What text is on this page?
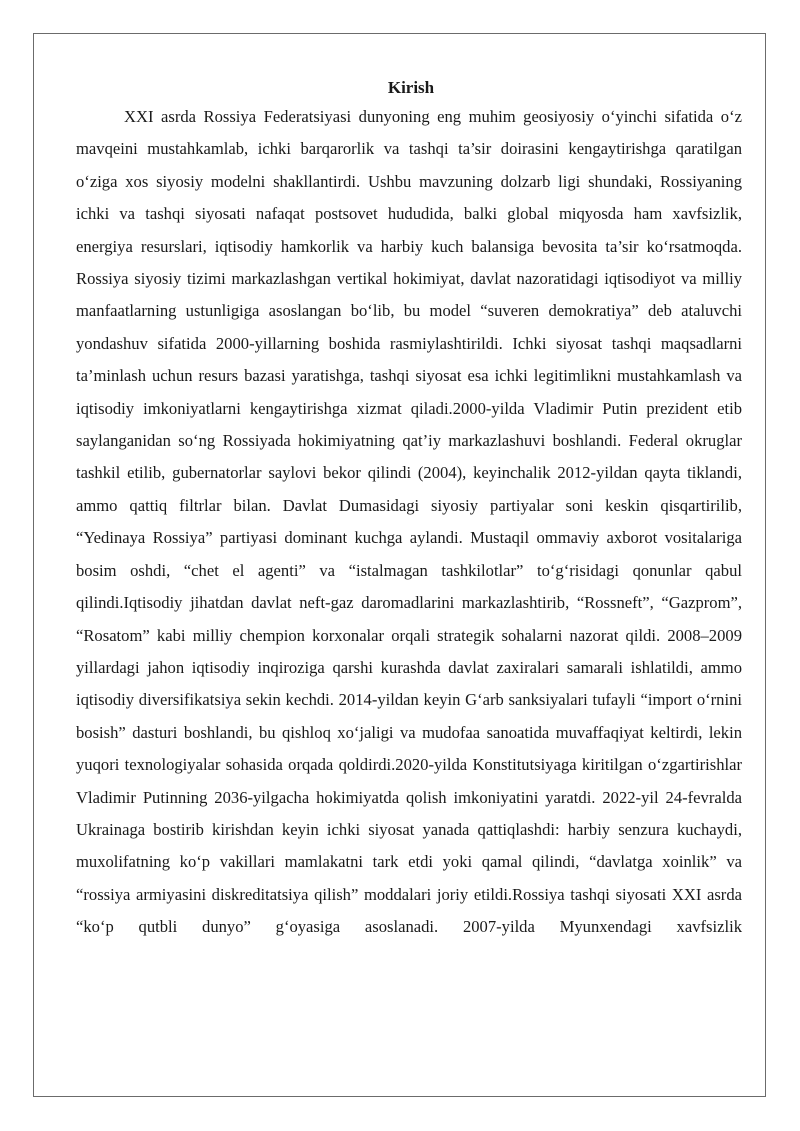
Kirish

XXI asrda Rossiya Federatsiyasi dunyoning eng muhim geosiyosiy o‘yinchi sifatida o‘z mavqeini mustahkamlab, ichki barqarorlik va tashqi ta’sir doirasini kengaytirishga qaratilgan o‘ziga xos siyosiy modelni shakllantirdi. Ushbu mavzuning dolzarb ligi shundaki, Rossiyaning ichki va tashqi siyosati nafaqat postsovet hududida, balki global miqyosda ham xavfsizlik, energiya resurslari, iqtisodiy hamkorlik va harbiy kuch balansiga bevosita ta’sir ko‘rsatmoqda. Rossiya siyosiy tizimi markazlashgan vertikal hokimiyat, davlat nazoratidagi iqtisodiyot va milliy manfaatlarning ustunligiga asoslangan bo‘lib, bu model “suveren demokratiya” deb ataluvchi yondashuv sifatida 2000-yillarning boshida rasmiylashtirildi. Ichki siyosat tashqi maqsadlarni ta’minlash uchun resurs bazasi yaratishga, tashqi siyosat esa ichki legitimlikni mustahkamlash va iqtisodiy imkoniyatlarni kengaytirishga xizmat qiladi.2000-yilda Vladimir Putin prezident etib saylanganidan so‘ng Rossiyada hokimiyatning qat’iy markazlashuvi boshlandi. Federal okruglar tashkil etilib, gubernatorlar saylovi bekor qilindi (2004), keyinchalik 2012-yildan qayta tiklandi, ammo qattiq filtrlar bilan. Davlat Dumasidagi siyosiy partiyalar soni keskin qisqartirilib, “Yedinaya Rossiya” partiyasi dominant kuchga aylandi. Mustaqil ommaviy axborot vositalariga bosim oshdi, “chet el agenti” va “istalmagan tashkilotlar” to‘g‘risidagi qonunlar qabul qilindi.Iqtisodiy jihatdan davlat neft-gaz daromadlarini markazlashtirib, “Rossneft”, “Gazprom”, “Rosatom” kabi milliy chempion korxonalar orqali strategik sohalarni nazorat qildi. 2008–2009 yillardagi jahon iqtisodiy inqiroziga qarshi kurashda davlat zaxiralari samarali ishlatildi, ammo iqtisodiy diversifikatsiya sekin kechdi. 2014-yildan keyin G‘arb sanksiyalari tufayli “import o‘rnini bosish” dasturi boshlandi, bu qishloq xo‘jaligi va mudofaa sanoatida muvaffaqiyat keltirdi, lekin yuqori texnologiyalar sohasida orqada qoldirdi.2020-yilda Konstitutsiyaga kiritilgan o‘zgartirishlar Vladimir Putinning 2036-yilgacha hokimiyatda qolish imkoniyatini yaratdi. 2022-yil 24-fevralda Ukrainaga bostirib kirishdan keyin ichki siyosat yanada qattiqlashdi: harbiy senzura kuchaydi, muxolifatning ko‘p vakillari mamlakatni tark etdi yoki qamal qilindi, “davlatga xoinlik” va “rossiya armiyasini diskreditatsiya qilish” moddalari joriy etildi.Rossiya tashqi siyosati XXI asrda “ko‘p qutbli dunyo” g‘oyasiga asoslanadi. 2007-yilda Myunxendagi xavfsizlik
